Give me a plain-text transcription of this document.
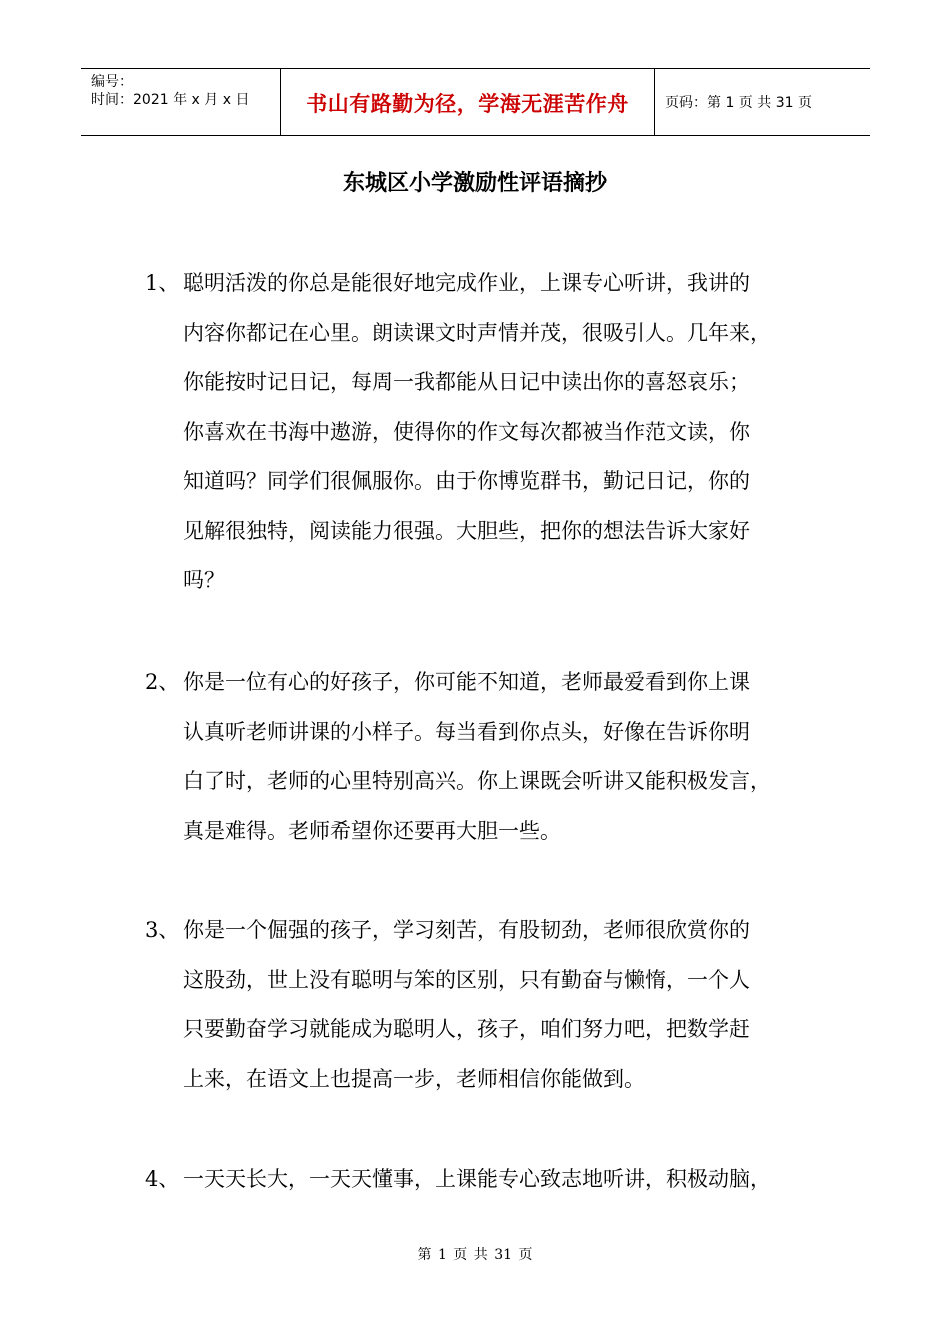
编号：
时间：2021 年 x 月 x 日	书山有路勤为径，学海无涯苦作舟	页码：第 1 页 共 31 页
东城区小学激励性评语摘抄
1、 聪明活泼的你总是能很好地完成作业，上课专心听讲，我讲的
内容你都记在心里。朗读课文时声情并茂，很吸引人。几年来，
你能按时记日记，每周一我都能从日记中读出你的喜怒哀乐；
你喜欢在书海中遨游，使得你的作文每次都被当作范文读，你
知道吗？同学们很佩服你。由于你博览群书，勤记日记，你的
见解很独特，阅读能力很强。大胆些，把你的想法告诉大家好
吗？
2、 你是一位有心的好孩子，你可能不知道，老师最爱看到你上课
认真听老师讲课的小样子。每当看到你点头，好像在告诉你明
白了时，老师的心里特别高兴。你上课既会听讲又能积极发言，
真是难得。老师希望你还要再大胆一些。
3、 你是一个倔强的孩子，学习刻苦，有股韧劲，老师很欣赏你的
这股劲，世上没有聪明与笨的区别，只有勤奋与懒惰，一个人
只要勤奋学习就能成为聪明人，孩子，咱们努力吧，把数学赶
上来，在语文上也提高一步，老师相信你能做到。
4、 一天天长大，一天天懂事，上课能专心致志地听讲，积极动脑，
第 1 页 共 31 页
